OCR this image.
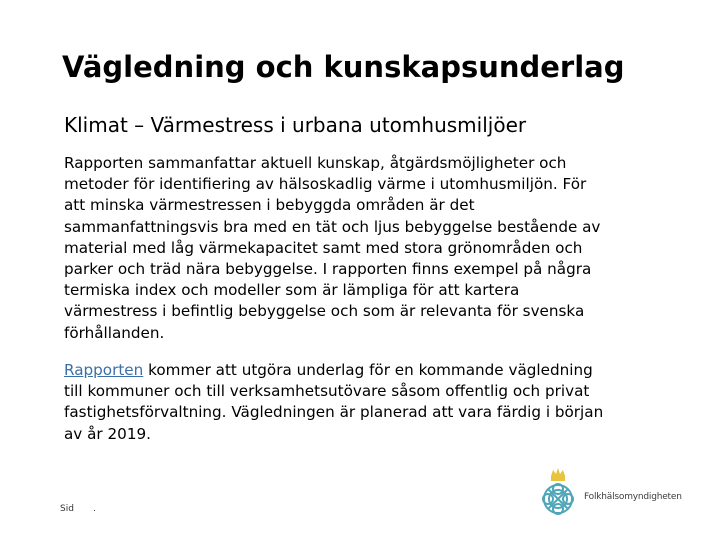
Vägledning och kunskapsunderlag
Klimat – Värmestress i urbana utomhusmiljöer
Rapporten sammanfattar aktuell kunskap, åtgärdsmöjligheter och
metoder för identifiering av hälsoskadlig värme i utomhusmiljön. För
att minska värmestressen i bebyggda områden är det
sammanfattningsvis bra med en tät och ljus bebyggelse bestående av
material med låg värmekapacitet samt med stora grönområden och
parker och träd nära bebyggelse. I rapporten finns exempel på några
termiska index och modeller som är lämpliga för att kartera
värmestress i befintlig bebyggelse och som är relevanta för svenska
förhållanden.
Rapporten kommer att utgöra underlag för en kommande vägledning
till kommuner och till verksamhetsutövare såsom offentlig och privat
fastighetsförvaltning. Vägledningen är planerad att vara färdig i början
av år 2019.
Sid .
Folkhälsomyndigheten
